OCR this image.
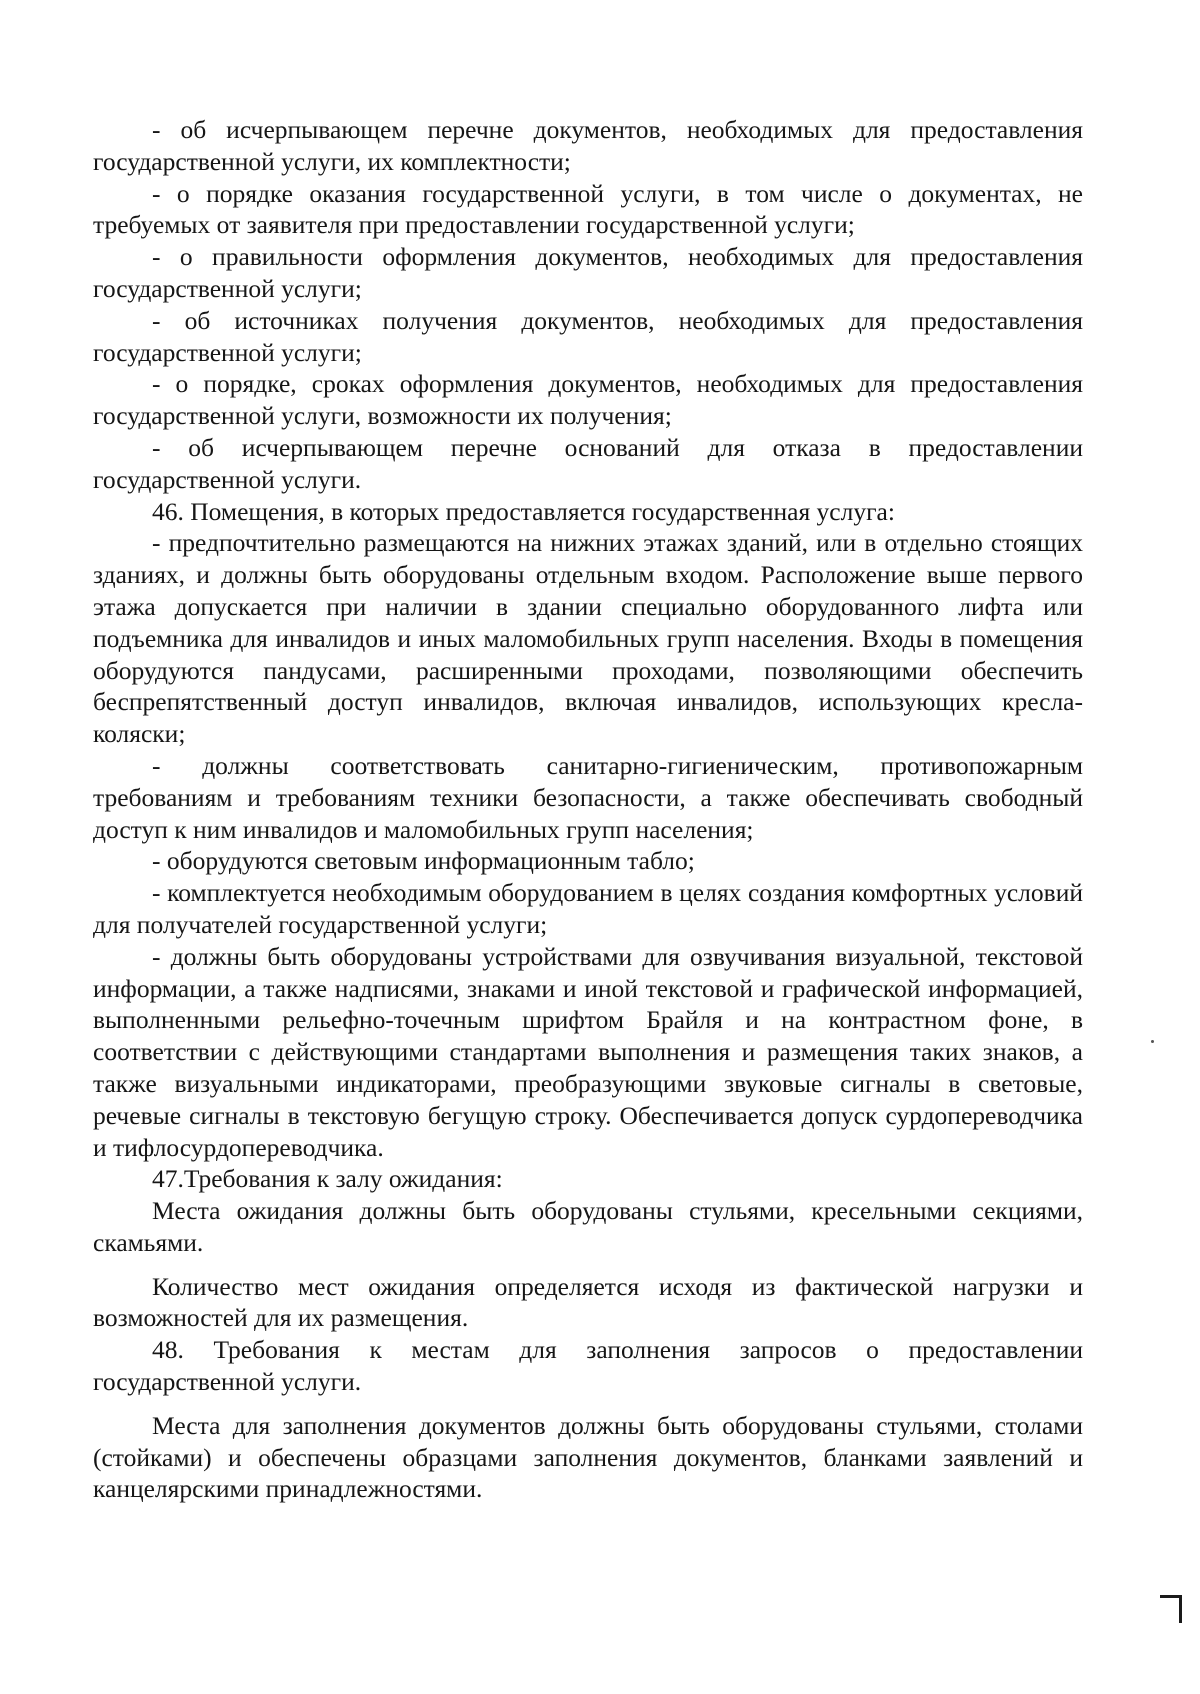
- об исчерпывающем перечне документов, необходимых для предоставления государственной услуги, их комплектности;

- о порядке оказания государственной услуги, в том числе о документах, не требуемых от заявителя при предоставлении государственной услуги;

- о правильности оформления документов, необходимых для предоставления государственной услуги;

- об источниках получения документов, необходимых для предоставления государственной услуги;

- о порядке, сроках оформления документов, необходимых для предоставления государственной услуги, возможности их получения;

- об исчерпывающем перечне оснований для отказа в предоставлении государственной услуги.

46. Помещения, в которых предоставляется государственная услуга:

- предпочтительно размещаются на нижних этажах зданий, или в отдельно стоящих зданиях, и должны быть оборудованы отдельным входом. Расположение выше первого этажа допускается при наличии в здании специально оборудованного лифта или подъемника для инвалидов и иных маломобильных групп населения. Входы в помещения оборудуются пандусами, расширенными проходами, позволяющими обеспечить беспрепятственный доступ инвалидов, включая инвалидов, использующих кресла-коляски;

- должны соответствовать санитарно-гигиеническим, противопожарным требованиям и требованиям техники безопасности, а также обеспечивать свободный доступ к ним инвалидов и маломобильных групп населения;

- оборудуются световым информационным табло;

- комплектуется необходимым оборудованием в целях создания комфортных условий для получателей государственной услуги;

- должны быть оборудованы устройствами для озвучивания визуальной, текстовой информации, а также надписями, знаками и иной текстовой и графической информацией, выполненными рельефно-точечным шрифтом Брайля и на контрастном фоне, в соответствии с действующими стандартами выполнения и размещения таких знаков, а также визуальными индикаторами, преобразующими звуковые сигналы в световые, речевые сигналы в текстовую бегущую строку. Обеспечивается допуск сурдопереводчика и тифлосурдопереводчика.

47.Требования к залу ожидания:

Места ожидания должны быть оборудованы стульями, кресельными секциями, скамьями.

Количество мест ожидания определяется исходя из фактической нагрузки и возможностей для их размещения.

48. Требования к местам для заполнения запросов о предоставлении государственной услуги.

Места для заполнения документов должны быть оборудованы стульями, столами (стойками) и обеспечены образцами заполнения документов, бланками заявлений и канцелярскими принадлежностями.
